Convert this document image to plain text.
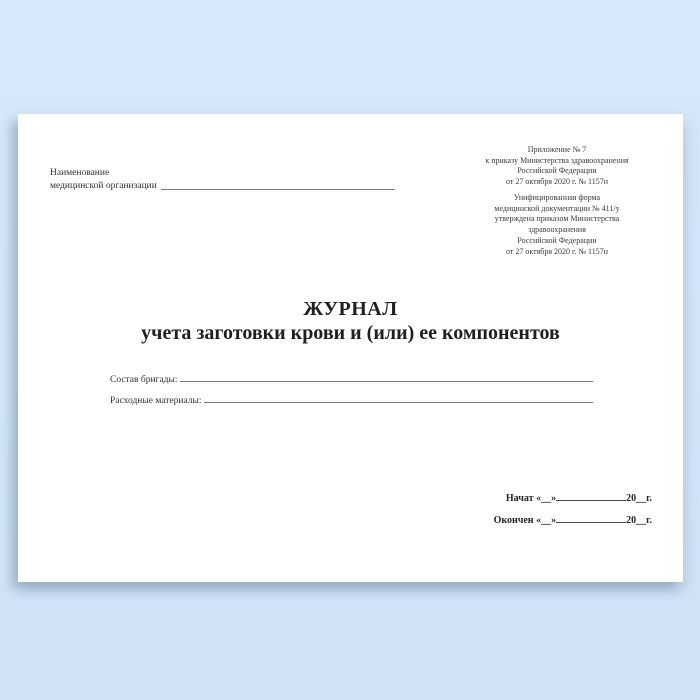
Наименование
медицинской организации
Приложение № 7
к приказу Министерства здравоохранения
Российской Федерации
от 27 октября 2020 г. № 1157н
Унифицированная форма
медицинской документации № 411/у
утверждена приказом Министерства
здравоохранения
Российской Федерации
от 27 октября 2020 г. № 1157н
ЖУРНАЛ
учета заготовки крови и (или) ее компонентов
Состав бригады:
Расходные материалы:
Начат «__»	20__г.
Окончен «__»	20__г.
